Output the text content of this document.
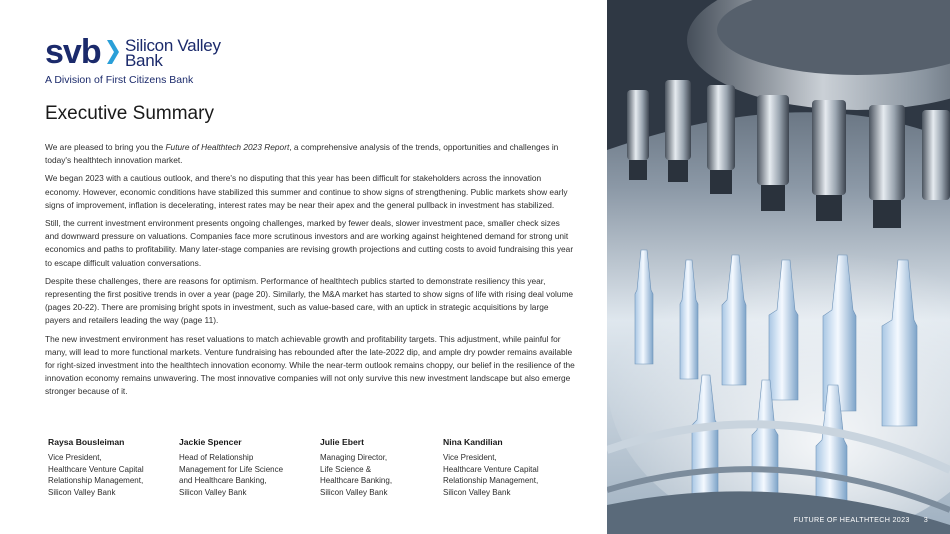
svb Silicon Valley
Bank
A Division of First Citizens Bank
Executive Summary

We are pleased to bring you the Future of Healthtech 2023 Report, a comprehensive analysis of the trends, opportunities and challenges in today's healthtech innovation market.

We began 2023 with a cautious outlook, and there's no disputing that this year has been difficult for stakeholders across the innovation economy. However, economic conditions have stabilized this summer and continue to show signs of strengthening. Public markets show early signs of improvement, inflation is decelerating, interest rates may be near their apex and the general pullback in investment has stabilized.

Still, the current investment environment presents ongoing challenges, marked by fewer deals, slower investment pace, smaller check sizes and downward pressure on valuations. Companies face more scrutinous investors and are working against heightened demand for strong unit economics and paths to profitability. Many later-stage companies are revising growth projections and cutting costs to avoid fundraising this year to escape difficult valuation conversations.

Despite these challenges, there are reasons for optimism. Performance of healthtech publics started to demonstrate resiliency this year, representing the first positive trends in over a year (page 20). Similarly, the M&A market has started to show signs of life with rising deal volume (pages 20-22). There are promising bright spots in investment, such as value-based care, with an uptick in strategic acquisitions by large payers and retailers leading the way (page 11).

The new investment environment has reset valuations to match achievable growth and profitability targets. This adjustment, while painful for many, will lead to more functional markets. Venture fundraising has rebounded after the late-2022 dip, and ample dry powder remains available for right-sized investment into the healthtech innovation economy. While the near-term outlook remains choppy, our belief in the resilience of the innovation economy remains unwavering. The most innovative companies will not only survive this new investment landscape but also emerge stronger because of it.

Raysa Bousleiman
Vice President,
Healthcare Venture Capital
Relationship Management,
Silicon Valley Bank
Jackie Spencer
Head of Relationship
Management for Life Science
and Healthcare Banking,
Silicon Valley Bank
Julie Ebert
Managing Director,
Life Science &
Healthcare Banking,
Silicon Valley Bank
Nina Kandilian
Vice President,
Healthcare Venture Capital
Relationship Management,
Silicon Valley Bank
FUTURE OF HEALTHTECH 2023 3
